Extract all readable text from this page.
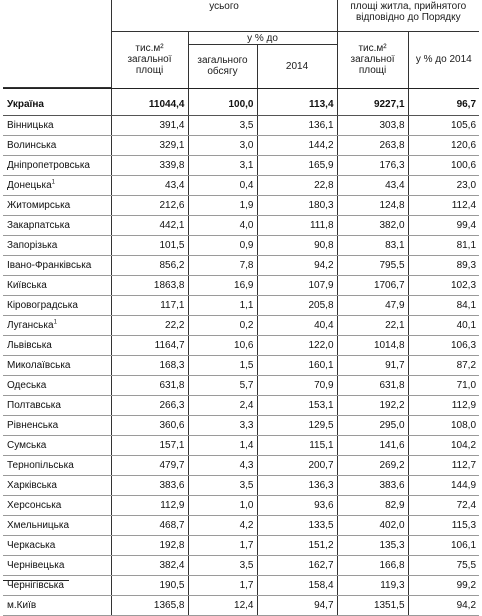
	усього			площі житла, прийнятого відповідно до Порядку	

	тис.м² загальної площі	у % до		тис.м² загальної площі	у % до 2014

		загального обсягу	2014		

Україна	11044,4	100,0	113,4	9227,1	96,7
Вінницька	391,4	3,5	136,1	303,8	105,6
Волинська	329,1	3,0	144,2	263,8	120,6
Дніпропетровська	339,8	3,1	165,9	176,3	100,6
Донецька$^1$	43,4	0,4	22,8	43,4	23,0
Житомирська	212,6	1,9	180,3	124,8	112,4
Закарпатська	442,1	4,0	111,8	382,0	99,4
Запорізька	101,5	0,9	90,8	83,1	81,1
Івано-Франківська	856,2	7,8	94,2	795,5	89,3
Київська	1863,8	16,9	107,9	1706,7	102,3
Кіровоградська	117,1	1,1	205,8	47,9	84,1
Луганська$^1$	22,2	0,2	40,4	22,1	40,1
Львівська	1164,7	10,6	122,0	1014,8	106,3
Миколаївська	168,3	1,5	160,1	91,7	87,2
Одеська	631,8	5,7	70,9	631,8	71,0
Полтавська	266,3	2,4	153,1	192,2	112,9
Рівненська	360,6	3,3	129,5	295,0	108,0
Сумська	157,1	1,4	115,1	141,6	104,2
Тернопільська	479,7	4,3	200,7	269,2	112,7
Харківська	383,6	3,5	136,3	383,6	144,9
Херсонська	112,9	1,0	93,6	82,9	72,4
Хмельницька	468,7	4,2	133,5	402,0	115,3
Черкаська	192,8	1,7	151,2	135,3	106,1
Чернівецька	382,4	3,5	162,7	166,8	75,5
Чернігівська	190,5	1,7	158,4	119,3	99,2
м.Київ	1365,8	12,4	94,7	1351,5	94,2
